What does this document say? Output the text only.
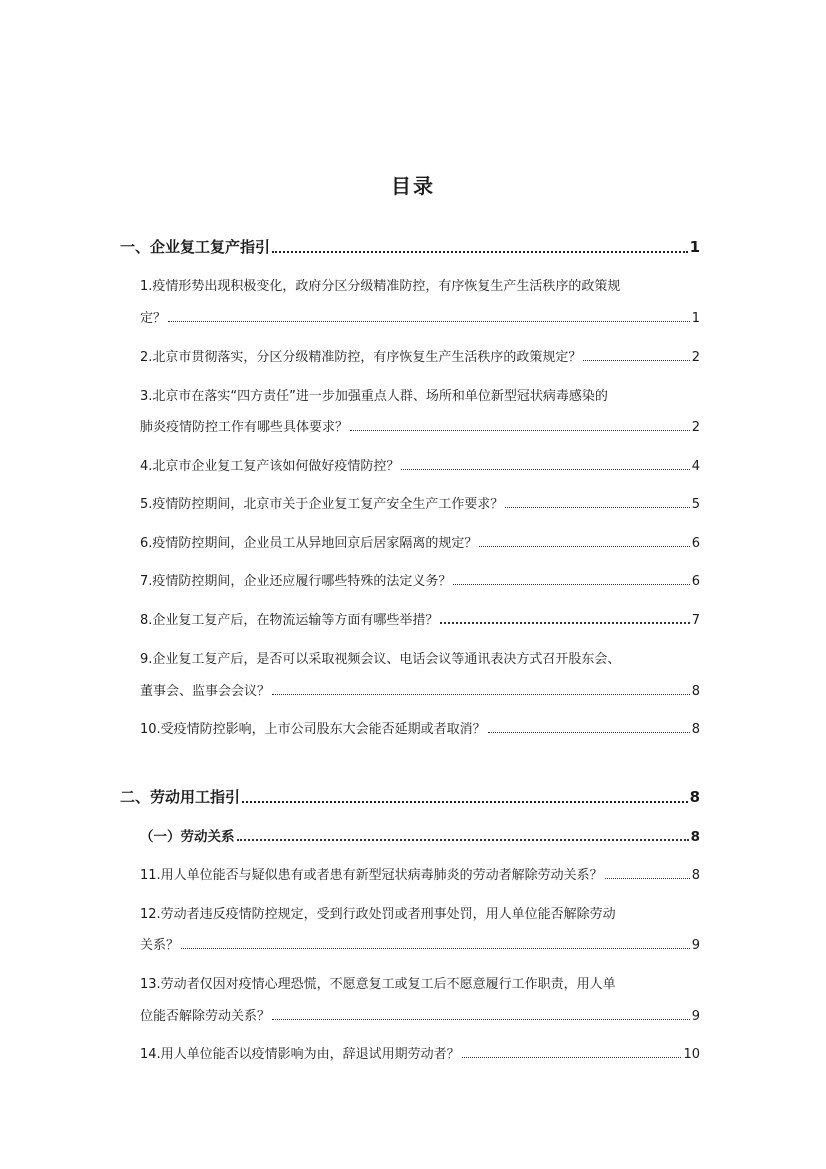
目录
一、企业复工复产指引	1
1.疫情形势出现积极变化，政府分区分级精准防控，有序恢复生产生活秩序的政策规
定？	1
2.北京市贯彻落实，分区分级精准防控，有序恢复生产生活秩序的政策规定？	2
3.北京市在落实“四方责任”进一步加强重点人群、场所和单位新型冠状病毒感染的
肺炎疫情防控工作有哪些具体要求？	2
4.北京市企业复工复产该如何做好疫情防控？	4
5.疫情防控期间，北京市关于企业复工复产安全生产工作要求？	5
6.疫情防控期间，企业员工从异地回京后居家隔离的规定？	6
7.疫情防控期间，企业还应履行哪些特殊的法定义务？	6
8.企业复工复产后，在物流运输等方面有哪些举措？	7
9.企业复工复产后，是否可以采取视频会议、电话会议等通讯表决方式召开股东会、
董事会、监事会会议？	8
10.受疫情防控影响，上市公司股东大会能否延期或者取消？	8
二、劳动用工指引	8
（一）劳动关系	8
11.用人单位能否与疑似患有或者患有新型冠状病毒肺炎的劳动者解除劳动关系？	8
12.劳动者违反疫情防控规定，受到行政处罚或者刑事处罚，用人单位能否解除劳动
关系？	9
13.劳动者仅因对疫情心理恐慌，不愿意复工或复工后不愿意履行工作职责，用人单
位能否解除劳动关系？	9
14.用人单位能否以疫情影响为由，辞退试用期劳动者？	10
